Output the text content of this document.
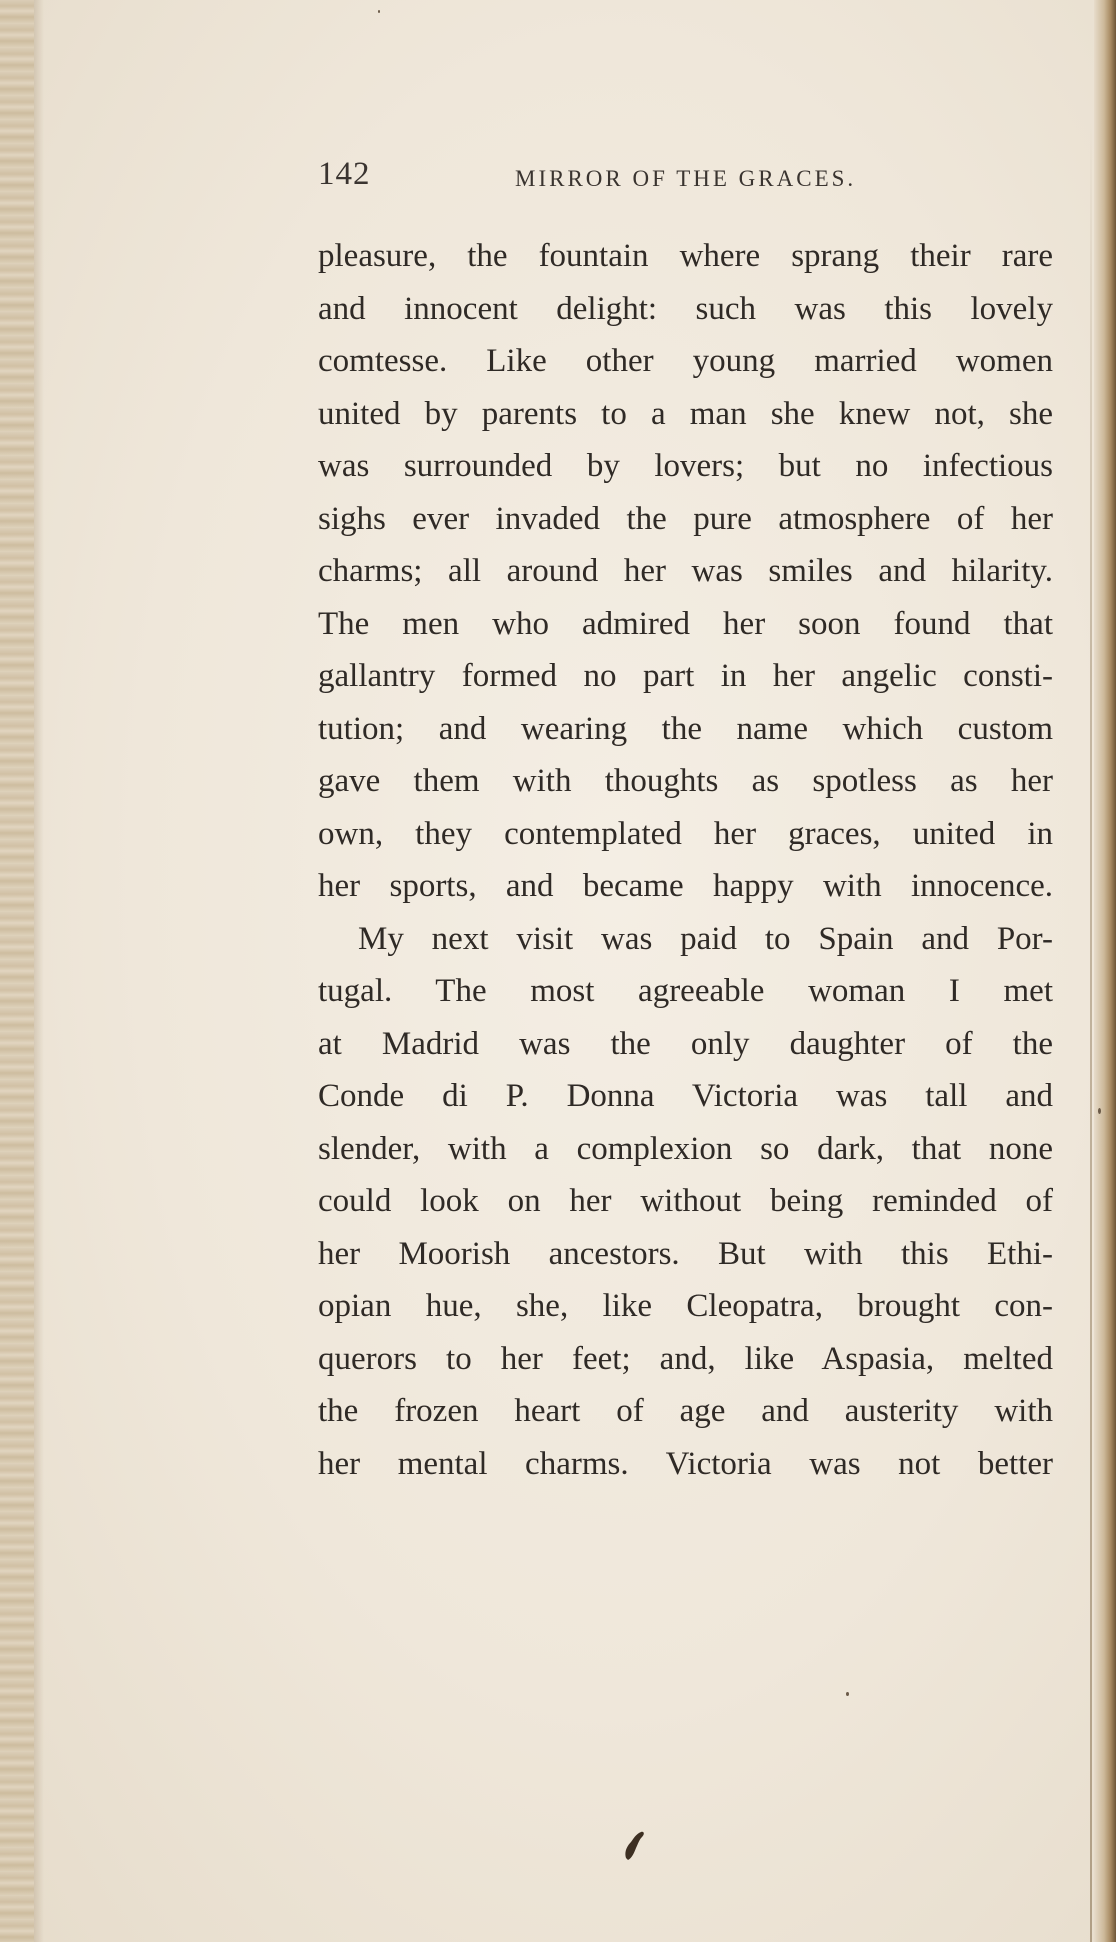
142	MIRROR OF THE GRACES.
pleasure, the fountain where sprang their rare
and innocent delight: such was this lovely
comtesse. Like other young married women
united by parents to a man she knew not, she
was surrounded by lovers; but no infectious
sighs ever invaded the pure atmosphere of her
charms; all around her was smiles and hilarity.
The men who admired her soon found that
gallantry formed no part in her angelic consti-
tution; and wearing the name which custom
gave them with thoughts as spotless as her
own, they contemplated her graces, united in
her sports, and became happy with innocence.
My next visit was paid to Spain and Por-
tugal. The most agreeable woman I met
at Madrid was the only daughter of the
Conde di P. Donna Victoria was tall and
slender, with a complexion so dark, that none
could look on her without being reminded of
her Moorish ancestors. But with this Ethi-
opian hue, she, like Cleopatra, brought con-
querors to her feet; and, like Aspasia, melted
the frozen heart of age and austerity with
her mental charms. Victoria was not better
